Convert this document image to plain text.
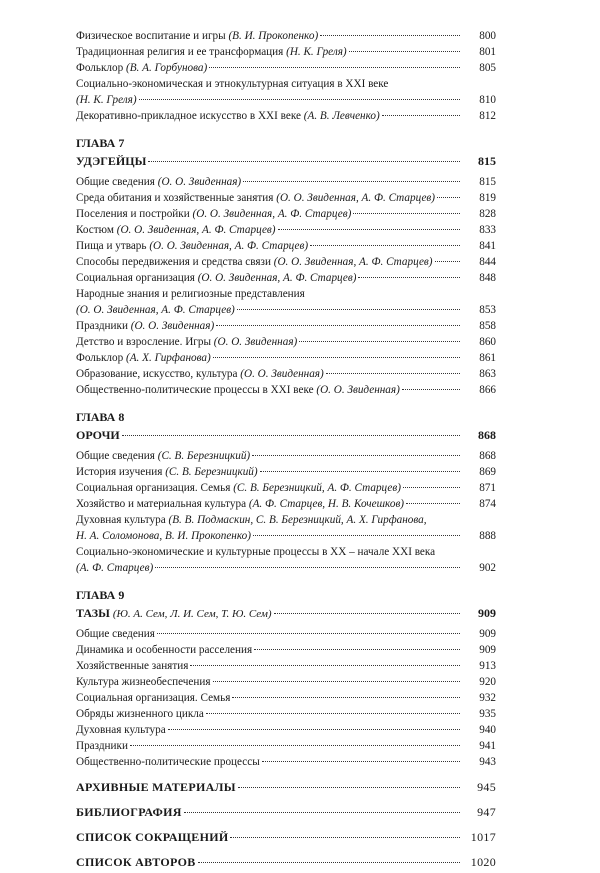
Физическое воспитание и игры (В. И. Прокопенко)	800
Традиционная религия и ее трансформация (Н. К. Греля)	801
Фольклор (В. А. Горбунова)	805
Социально-экономическая и этнокультурная ситуация в XXI веке
(Н. К. Греля)	810
Декоративно-прикладное искусство в XXI веке (А. В. Левченко)	812
ГЛАВА 7
УДЭГЕЙЦЫ	815
Общие сведения (О. О. Звиденная)	815
Среда обитания и хозяйственные занятия (О. О. Звиденная, А. Ф. Старцев)	819
Поселения и постройки (О. О. Звиденная, А. Ф. Старцев)	828
Костюм (О. О. Звиденная, А. Ф. Старцев)	833
Пища и утварь (О. О. Звиденная, А. Ф. Старцев)	841
Способы передвижения и средства связи (О. О. Звиденная, А. Ф. Старцев)	844
Социальная организация (О. О. Звиденная, А. Ф. Старцев)	848
Народные знания и религиозные представления
(О. О. Звиденная, А. Ф. Старцев)	853
Праздники (О. О. Звиденная)	858
Детство и взросление. Игры (О. О. Звиденная)	860
Фольклор (А. Х. Гирфанова)	861
Образование, искусство, культура (О. О. Звиденная)	863
Общественно-политические процессы в XXI веке (О. О. Звиденная)	866
ГЛАВА 8
ОРОЧИ	868
Общие сведения (С. В. Березницкий)	868
История изучения (С. В. Березницкий)	869
Социальная организация. Семья (С. В. Березницкий, А. Ф. Старцев)	871
Хозяйство и материальная культура (А. Ф. Старцев, Н. В. Кочешков)	874
Духовная культура (В. В. Подмаскин, С. В. Березницкий, А. Х. Гирфанова,
Н. А. Соломонова, В. И. Прокопенко)	888
Социально-экономические и культурные процессы в XX – начале XXI века
(А. Ф. Старцев)	902
ГЛАВА 9
ТАЗЫ (Ю. А. Сем, Л. И. Сем, Т. Ю. Сем)	909
Общие сведения	909
Динамика и особенности расселения	909
Хозяйственные занятия	913
Культура жизнеобеспечения	920
Социальная организация. Семья	932
Обряды жизненного цикла	935
Духовная культура	940
Праздники	941
Общественно-политические процессы	943
АРХИВНЫЕ МАТЕРИАЛЫ	945
БИБЛИОГРАФИЯ	947
СПИСОК СОКРАЩЕНИЙ	1017
СПИСОК АВТОРОВ	1020
